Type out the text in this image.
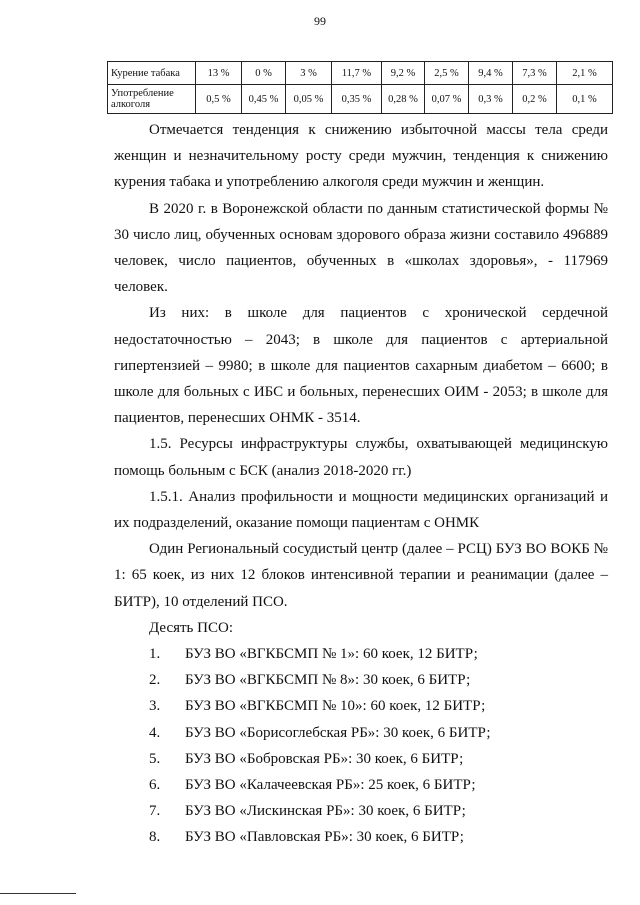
99
Курение табака	13 %	0 %	3 %	11,7 %	9,2 %	2,5 %	9,4 %	7,3 %	2,1 %
Употребление алкоголя	0,5 %	0,45 %	0,05 %	0,35 %	0,28 %	0,07 %	0,3 %	0,2 %	0,1 %

Отмечается тенденция к снижению избыточной массы тела среди женщин и незначительному росту среди мужчин, тенденция к снижению курения табака и употреблению алкоголя среди мужчин и женщин.

В 2020 г. в Воронежской области по данным статистической формы № 30 число лиц, обученных основам здорового образа жизни составило 496889 человек, число пациентов, обученных в «школах здоровья», - 117969 человек.

Из них: в школе для пациентов с хронической сердечной недостаточностью – 2043; в школе для пациентов с артериальной гипертензией – 9980; в школе для пациентов сахарным диабетом – 6600; в школе для больных с ИБС и больных, перенесших ОИМ - 2053; в школе для пациентов, перенесших ОНМК - 3514.

1.5. Ресурсы инфраструктуры службы, охватывающей медицинскую помощь больным с БСК (анализ 2018-2020 гг.)

1.5.1. Анализ профильности и мощности медицинских организаций и их подразделений, оказание помощи пациентам с ОНМК

Один Региональный сосудистый центр (далее – РСЦ) БУЗ ВО ВОКБ № 1: 65 коек, из них 12 блоков интенсивной терапии и реанимации (далее – БИТР), 10 отделений ПСО.

Десять ПСО:

1.	БУЗ ВО «ВГКБСМП № 1»: 60 коек, 12 БИТР;
2.	БУЗ ВО «ВГКБСМП № 8»: 30 коек, 6 БИТР;
3.	БУЗ ВО «ВГКБСМП № 10»: 60 коек, 12 БИТР;
4.	БУЗ ВО «Борисоглебская РБ»: 30 коек, 6 БИТР;
5.	БУЗ ВО «Бобровская РБ»: 30 коек, 6 БИТР;
6.	БУЗ ВО «Калачеевская РБ»: 25 коек, 6 БИТР;
7.	БУЗ ВО «Лискинская РБ»: 30 коек, 6 БИТР;
8.	БУЗ ВО «Павловская РБ»: 30 коек, 6 БИТР;
